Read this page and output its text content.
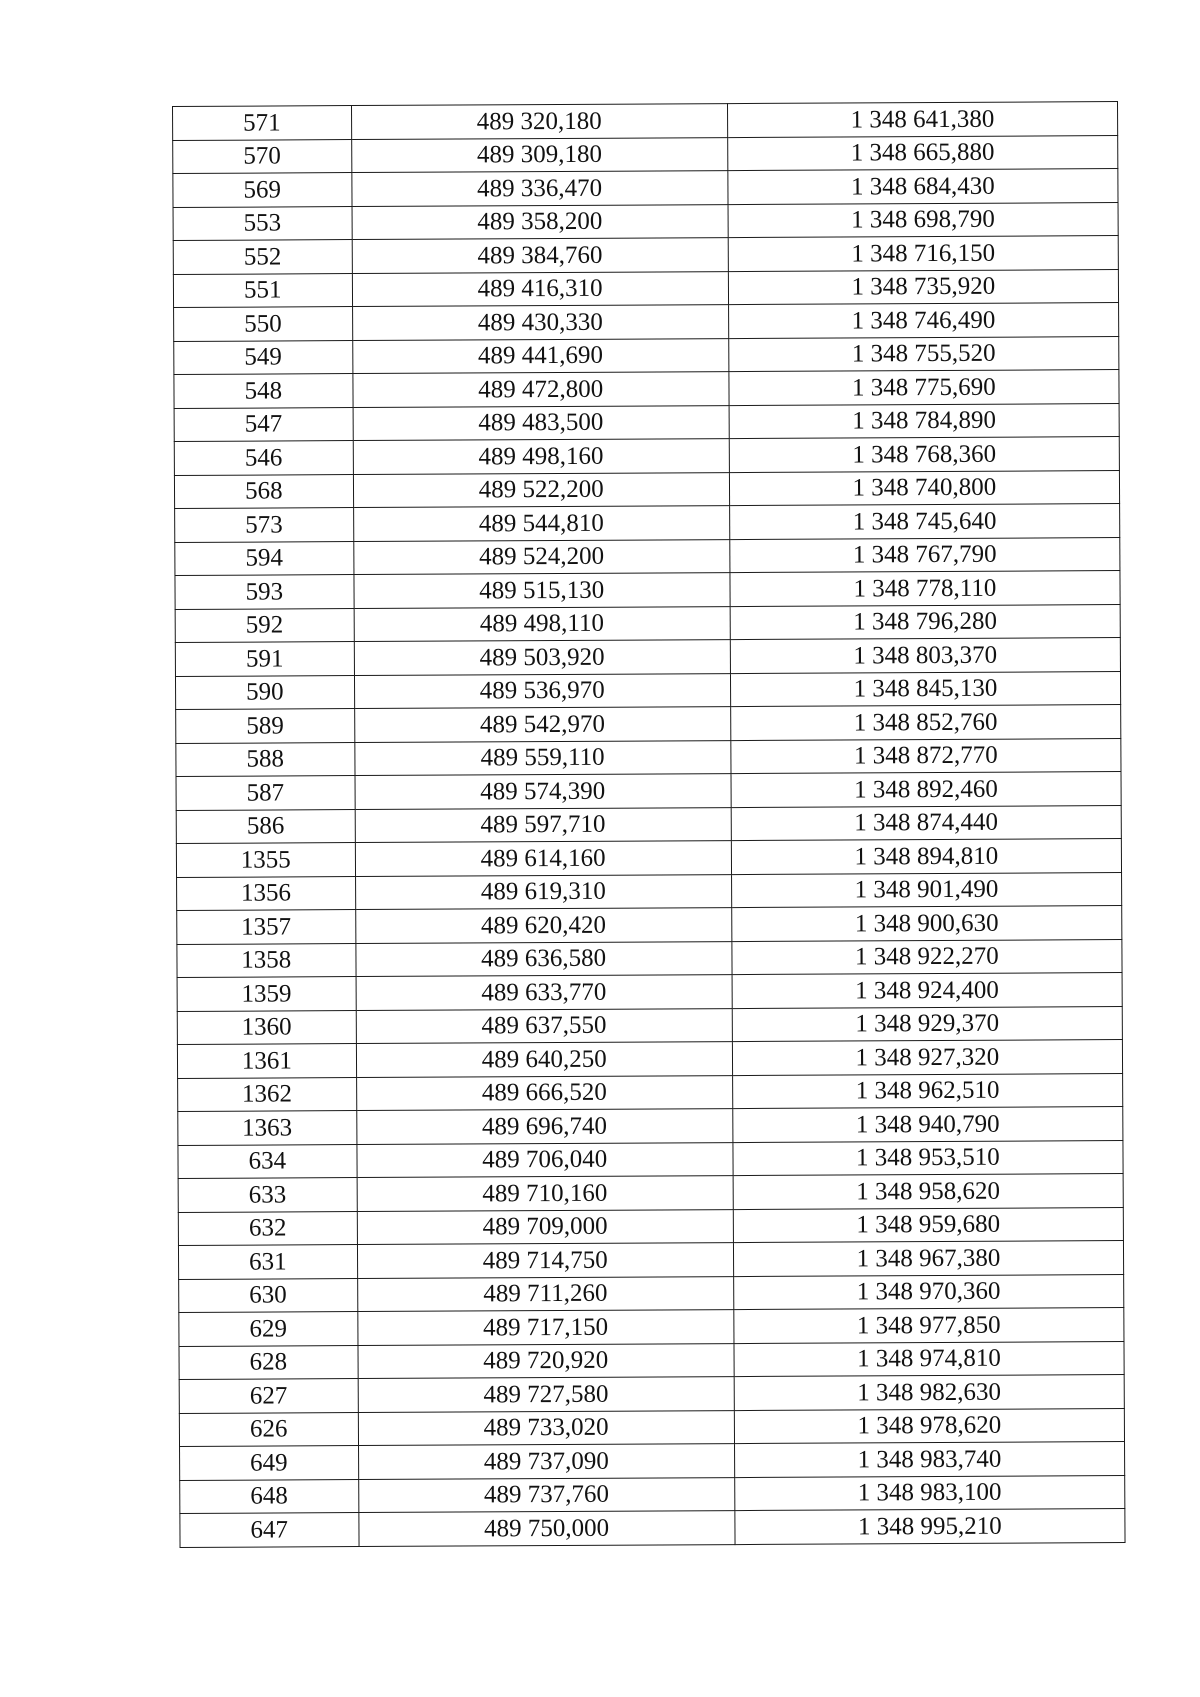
571	489 320,180	1 348 641,380
570	489 309,180	1 348 665,880
569	489 336,470	1 348 684,430
553	489 358,200	1 348 698,790
552	489 384,760	1 348 716,150
551	489 416,310	1 348 735,920
550	489 430,330	1 348 746,490
549	489 441,690	1 348 755,520
548	489 472,800	1 348 775,690
547	489 483,500	1 348 784,890
546	489 498,160	1 348 768,360
568	489 522,200	1 348 740,800
573	489 544,810	1 348 745,640
594	489 524,200	1 348 767,790
593	489 515,130	1 348 778,110
592	489 498,110	1 348 796,280
591	489 503,920	1 348 803,370
590	489 536,970	1 348 845,130
589	489 542,970	1 348 852,760
588	489 559,110	1 348 872,770
587	489 574,390	1 348 892,460
586	489 597,710	1 348 874,440
1355	489 614,160	1 348 894,810
1356	489 619,310	1 348 901,490
1357	489 620,420	1 348 900,630
1358	489 636,580	1 348 922,270
1359	489 633,770	1 348 924,400
1360	489 637,550	1 348 929,370
1361	489 640,250	1 348 927,320
1362	489 666,520	1 348 962,510
1363	489 696,740	1 348 940,790
634	489 706,040	1 348 953,510
633	489 710,160	1 348 958,620
632	489 709,000	1 348 959,680
631	489 714,750	1 348 967,380
630	489 711,260	1 348 970,360
629	489 717,150	1 348 977,850
628	489 720,920	1 348 974,810
627	489 727,580	1 348 982,630
626	489 733,020	1 348 978,620
649	489 737,090	1 348 983,740
648	489 737,760	1 348 983,100
647	489 750,000	1 348 995,210
